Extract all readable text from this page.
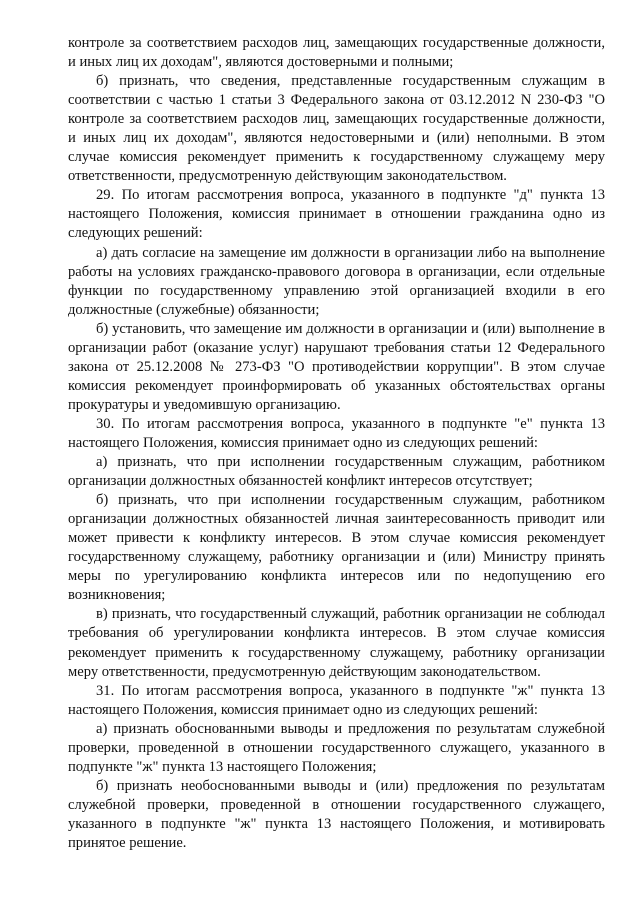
контроле за соответствием расходов лиц, замещающих государственные должности, и иных лиц их доходам", являются достоверными и полными;

б) признать, что сведения, представленные государственным служащим в соответствии с частью 1 статьи 3 Федерального закона от 03.12.2012 N 230-ФЗ "О контроле за соответствием расходов лиц, замещающих государственные должности, и иных лиц их доходам", являются недостоверными и (или) неполными. В этом случае комиссия рекомендует применить к государственному служащему меру ответственности, предусмотренную действующим законодательством.

29. По итогам рассмотрения вопроса, указанного в подпункте "д" пункта 13 настоящего Положения, комиссия принимает в отношении гражданина одно из следующих решений:

а) дать согласие на замещение им должности в организации либо на выполнение работы на условиях гражданско-правового договора в организации, если отдельные функции по государственному управлению этой организацией входили в его должностные (служебные) обязанности;

б) установить, что замещение им должности в организации и (или) выполнение в организации работ (оказание услуг) нарушают требования статьи 12 Федерального закона от 25.12.2008 № 273-ФЗ "О противодействии коррупции". В этом случае комиссия рекомендует проинформировать об указанных обстоятельствах органы прокуратуры и уведомившую организацию.

30. По итогам рассмотрения вопроса, указанного в подпункте "е" пункта 13 настоящего Положения, комиссия принимает одно из следующих решений:

а) признать, что при исполнении государственным служащим, работником организации должностных обязанностей конфликт интересов отсутствует;

б) признать, что при исполнении государственным служащим, работником организации должностных обязанностей личная заинтересованность приводит или может привести к конфликту интересов. В этом случае комиссия рекомендует государственному служащему, работнику организации и (или) Министру принять меры по урегулированию конфликта интересов или по недопущению его возникновения;

в) признать, что государственный служащий, работник организации не соблюдал требования об урегулировании конфликта интересов. В этом случае комиссия рекомендует применить к государственному служащему, работнику организации меру ответственности, предусмотренную действующим законодательством.

31. По итогам рассмотрения вопроса, указанного в подпункте "ж" пункта 13 настоящего Положения, комиссия принимает одно из следующих решений:

а) признать обоснованными выводы и предложения по результатам служебной проверки, проведенной в отношении государственного служащего, указанного в подпункте "ж" пункта 13 настоящего Положения;

б) признать необоснованными выводы и (или) предложения по результатам служебной проверки, проведенной в отношении государственного служащего, указанного в подпункте "ж" пункта 13 настоящего Положения, и мотивировать принятое решение.
